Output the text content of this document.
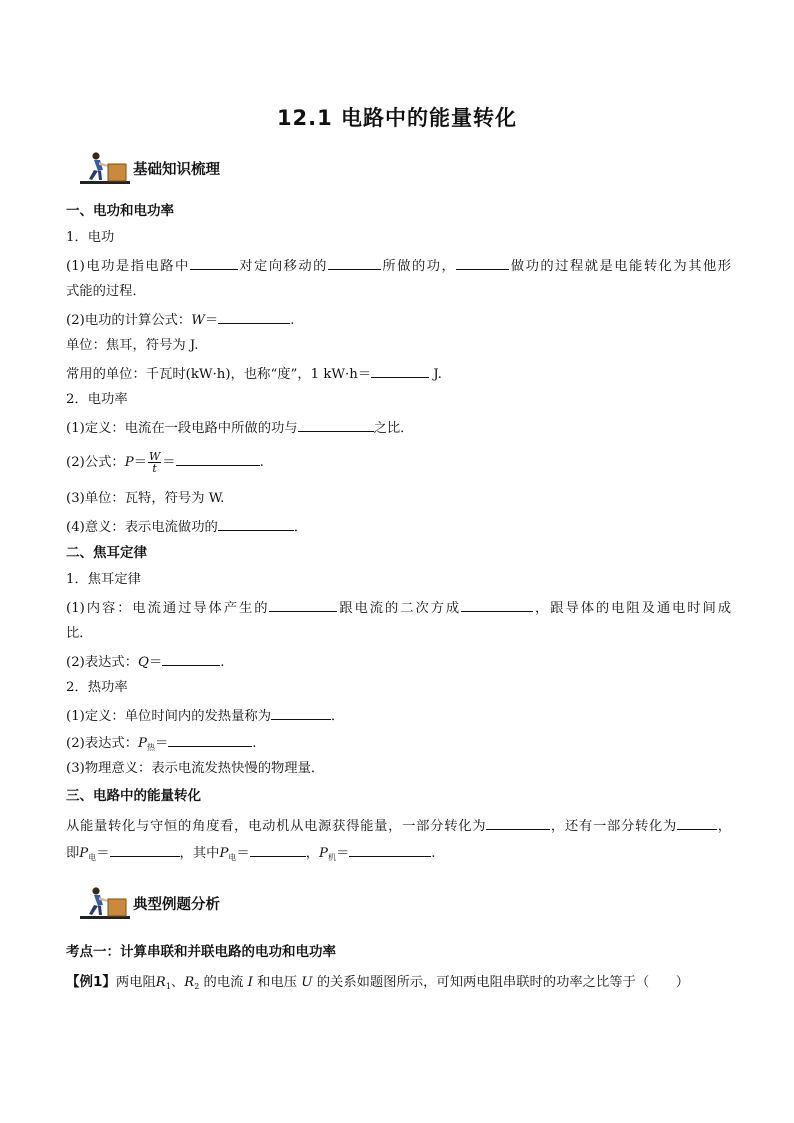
12.1 电路中的能量转化
基础知识梳理
一、电功和电功率
1．电功
(1)电功是指电路中	对定向移动的	所做的功，	做功的过程就是电能转化为其他形
式能的过程．
(2)电功的计算公式：W＝	.
单位：焦耳，符号为 J.
常用的单位：千瓦时(kW·h)，也称“度”，1 kW·h＝	J.
2．电功率
(1)定义：电流在一段电路中所做的功与	之比．
(2)公式：$P= \frac{W}{t}$ ＝	.
(3)单位：瓦特，符号为 W.
(4)意义：表示电流做功的	．
二、焦耳定律
1．焦耳定律
(1)内容：电流通过导体产生的	跟电流的二次方成	，跟导体的电阻及通电时间成
比．
(2)表达式：Q＝	.
2．热功率
(1)定义：单位时间内的发热量称为	．
(2)表达式：$P_热=$	.
(3)物理意义：表示电流发热快慢的物理量．
三、电路中的能量转化
从能量转化与守恒的角度看，电动机从电源获得能量，一部分转化为	，还有一部分转化为	，
即$P_电=$	，其中$P_电=$	，$P_机=$	.
典型例题分析
考点一：计算串联和并联电路的电功和电功率
【例1】两电阻$R_1$、$R_2$ 的电流 I 和电压 U 的关系如题图所示，可知两电阻串联时的功率之比等于（　　）
